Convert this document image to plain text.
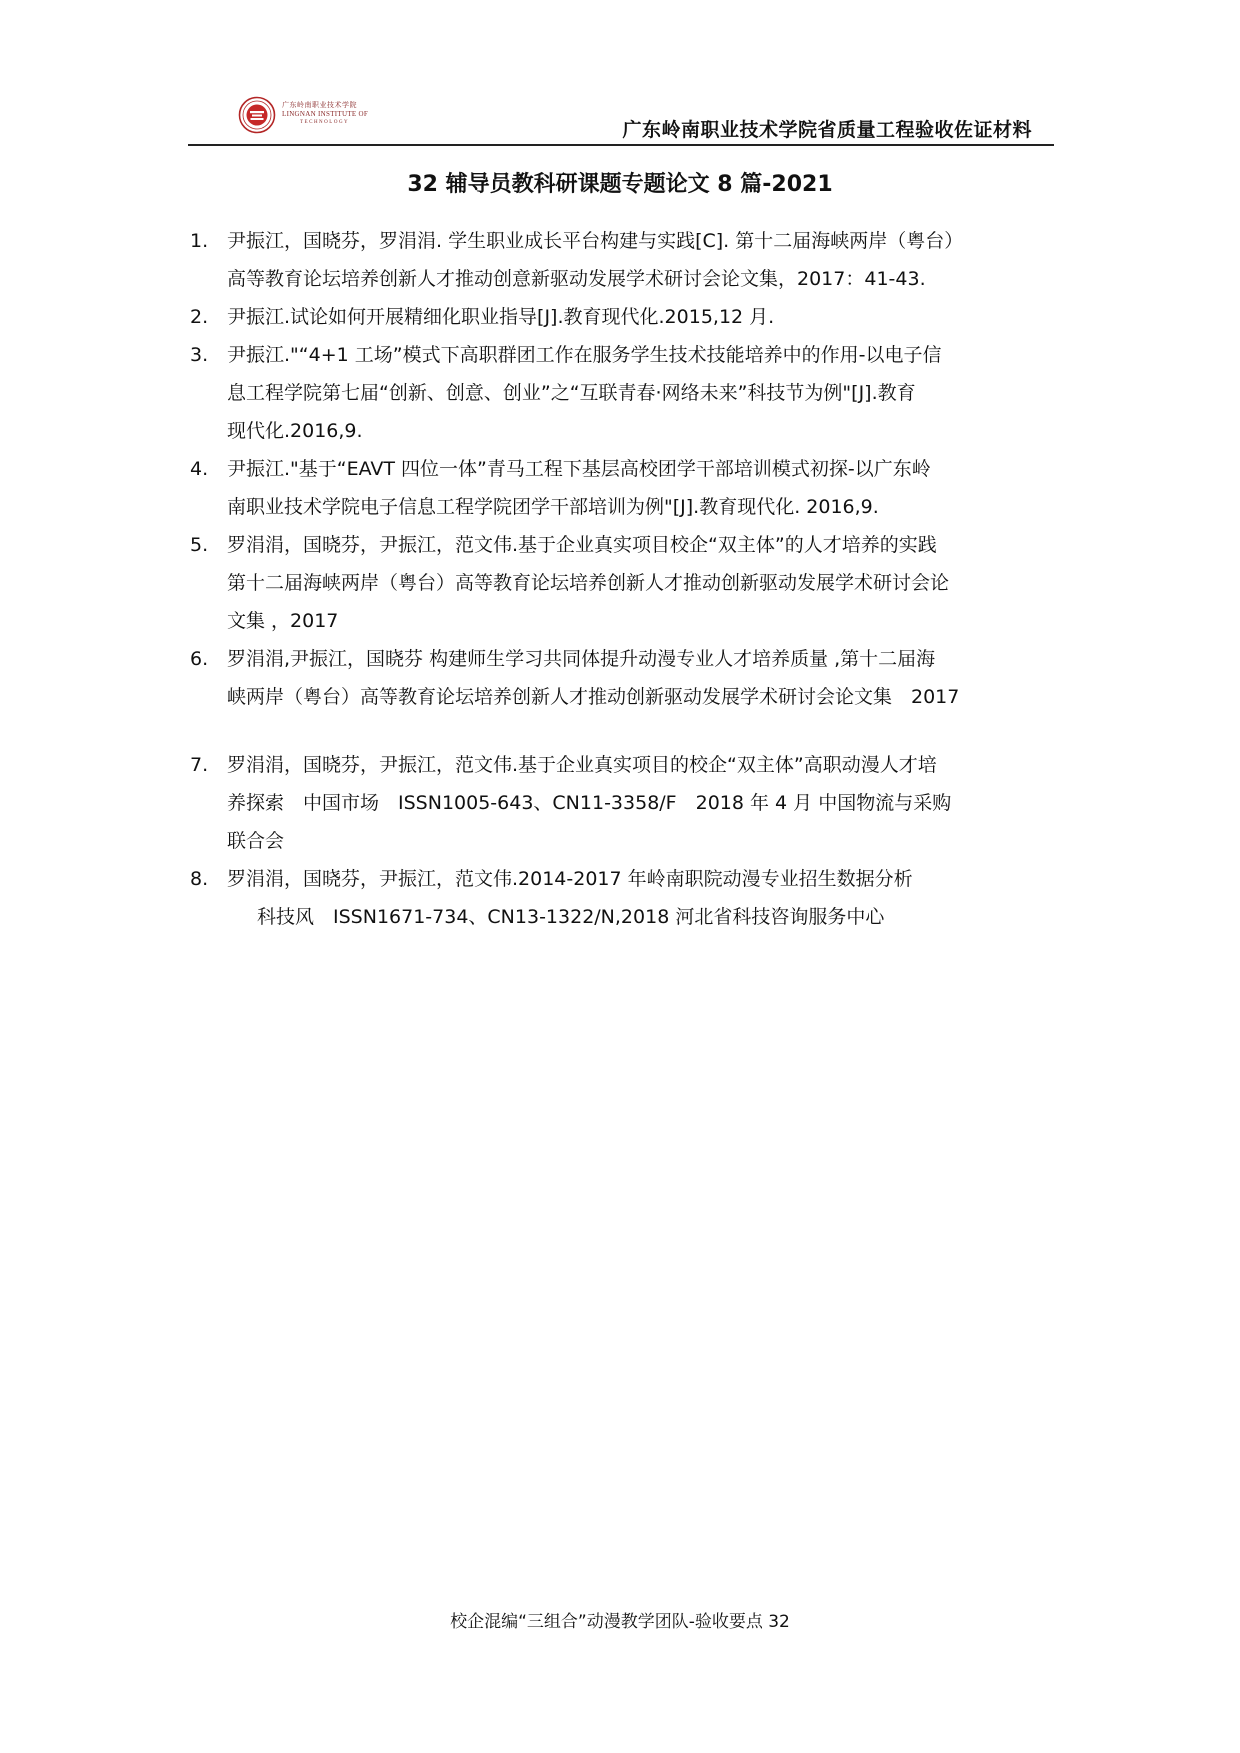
广东岭南职业技术学院
LINGNAN INSTITUTE OF
TECHNOLOGY	广东岭南职业技术学院省质量工程验收佐证材料
32 辅导员教科研课题专题论文 8 篇-2021
1. 尹振江，国晓芬，罗涓涓. 学生职业成长平台构建与实践[C]. 第十二届海峡两岸（粤台）
高等教育论坛培养创新人才推动创意新驱动发展学术研讨会论文集，2017：41-43.
2. 尹振江.试论如何开展精细化职业指导[J].教育现代化.2015,12 月.
3. 尹振江."“4+1 工场”模式下高职群团工作在服务学生技术技能培养中的作用-以电子信
息工程学院第七届“创新、创意、创业”之“互联青春·网络未来”科技节为例"[J].教育
现代化.2016,9.
4. 尹振江."基于“EAVT 四位一体”青马工程下基层高校团学干部培训模式初探-以广东岭
南职业技术学院电子信息工程学院团学干部培训为例"[J].教育现代化. 2016,9.
5. 罗涓涓，国晓芬，尹振江，范文伟.基于企业真实项目校企“双主体”的人才培养的实践
第十二届海峡两岸（粤台）高等教育论坛培养创新人才推动创新驱动发展学术研讨会论
文集 ，2017
6. 罗涓涓,尹振江，国晓芬 构建师生学习共同体提升动漫专业人才培养质量 ,第十二届海
峡两岸（粤台）高等教育论坛培养创新人才推动创新驱动发展学术研讨会论文集　2017
7. 罗涓涓，国晓芬，尹振江，范文伟.基于企业真实项目的校企“双主体”高职动漫人才培
养探索　中国市场　ISSN1005-643、CN11-3358/F　2018 年 4 月 中国物流与采购
联合会
8. 罗涓涓，国晓芬，尹振江，范文伟.2014-2017 年岭南职院动漫专业招生数据分析
科技风　ISSN1671-734、CN13-1322/N,2018 河北省科技咨询服务中心
校企混编“三组合”动漫教学团队-验收要点 32
